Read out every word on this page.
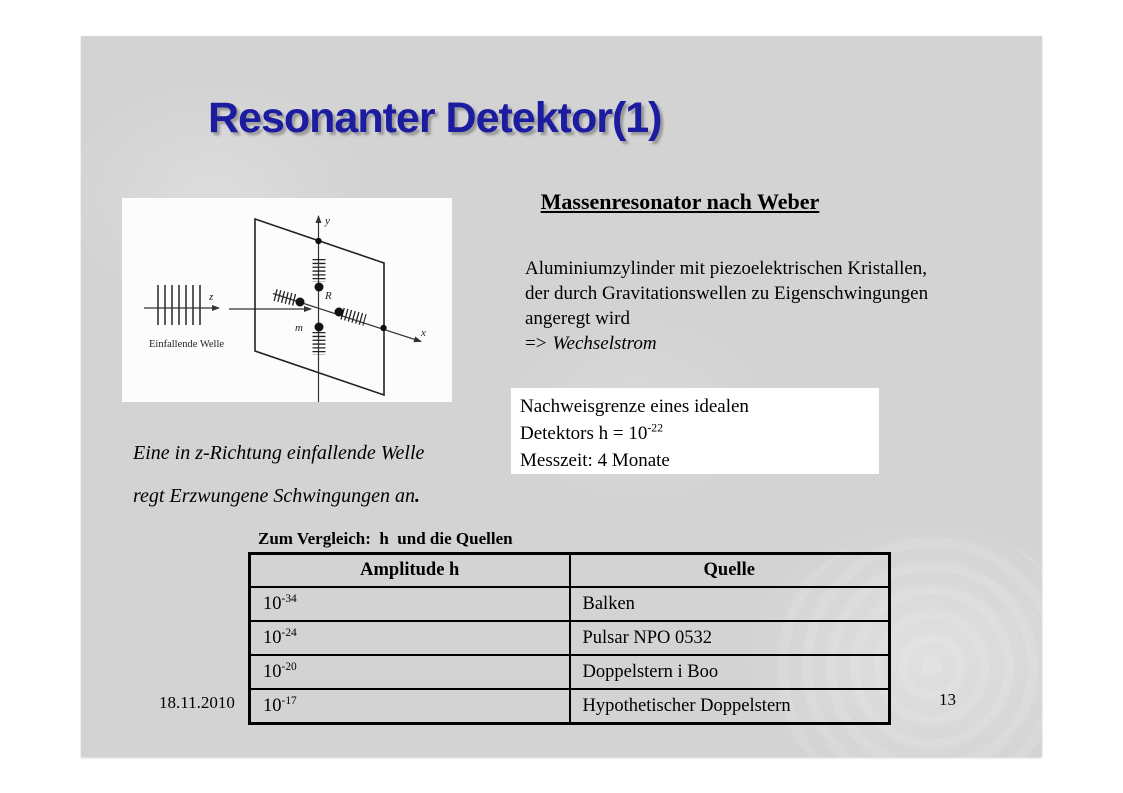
Resonanter Detektor(1)
z
Einfallende Welle
y
x
R
m
Eine in z-Richtung einfallende Welle
regt Erzwungene Schwingungen an.
Massenresonator nach Weber
Aluminiumzylinder mit piezoelektrischen Kristallen,
der durch Gravitationswellen zu Eigenschwingungen
angeregt wird
=> Wechselstrom
Nachweisgrenze eines idealen
Detektors $h = 10^{-22}$
Messzeit: 4 Monate
Zum Vergleich:  h  und die Quellen
Amplitude h	Quelle
$10^{-34}$	Balken
$10^{-24}$	Pulsar NPO 0532
$10^{-20}$	Doppelstern i Boo
$10^{-17}$	Hypothetischer Doppelstern
18.11.2010	13
